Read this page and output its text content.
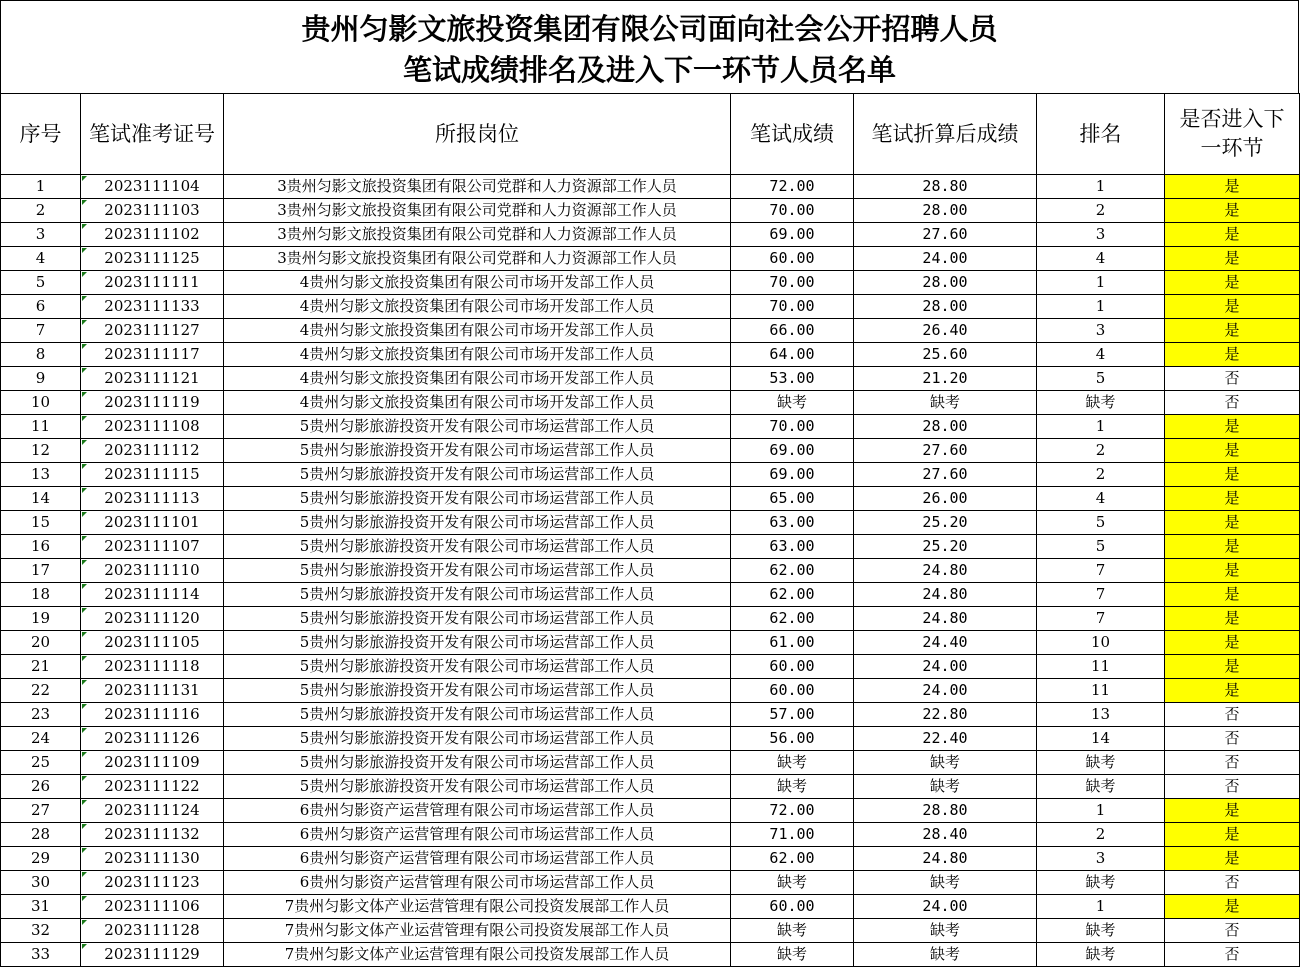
贵州匀影文旅投资集团有限公司面向社会公开招聘人员
笔试成绩排名及进入下一环节人员名单
序号	笔试准考证号	所报岗位	笔试成绩	笔试折算后成绩	排名	是否进入下
一环节

1	2023111104	3贵州匀影文旅投资集团有限公司党群和人力资源部工作人员	72.00	28.80	1	是
2	2023111103	3贵州匀影文旅投资集团有限公司党群和人力资源部工作人员	70.00	28.00	2	是
3	2023111102	3贵州匀影文旅投资集团有限公司党群和人力资源部工作人员	69.00	27.60	3	是
4	2023111125	3贵州匀影文旅投资集团有限公司党群和人力资源部工作人员	60.00	24.00	4	是
5	2023111111	4贵州匀影文旅投资集团有限公司市场开发部工作人员	70.00	28.00	1	是
6	2023111133	4贵州匀影文旅投资集团有限公司市场开发部工作人员	70.00	28.00	1	是
7	2023111127	4贵州匀影文旅投资集团有限公司市场开发部工作人员	66.00	26.40	3	是
8	2023111117	4贵州匀影文旅投资集团有限公司市场开发部工作人员	64.00	25.60	4	是
9	2023111121	4贵州匀影文旅投资集团有限公司市场开发部工作人员	53.00	21.20	5	否
10	2023111119	4贵州匀影文旅投资集团有限公司市场开发部工作人员	缺考	缺考	缺考	否
11	2023111108	5贵州匀影旅游投资开发有限公司市场运营部工作人员	70.00	28.00	1	是
12	2023111112	5贵州匀影旅游投资开发有限公司市场运营部工作人员	69.00	27.60	2	是
13	2023111115	5贵州匀影旅游投资开发有限公司市场运营部工作人员	69.00	27.60	2	是
14	2023111113	5贵州匀影旅游投资开发有限公司市场运营部工作人员	65.00	26.00	4	是
15	2023111101	5贵州匀影旅游投资开发有限公司市场运营部工作人员	63.00	25.20	5	是
16	2023111107	5贵州匀影旅游投资开发有限公司市场运营部工作人员	63.00	25.20	5	是
17	2023111110	5贵州匀影旅游投资开发有限公司市场运营部工作人员	62.00	24.80	7	是
18	2023111114	5贵州匀影旅游投资开发有限公司市场运营部工作人员	62.00	24.80	7	是
19	2023111120	5贵州匀影旅游投资开发有限公司市场运营部工作人员	62.00	24.80	7	是
20	2023111105	5贵州匀影旅游投资开发有限公司市场运营部工作人员	61.00	24.40	10	是
21	2023111118	5贵州匀影旅游投资开发有限公司市场运营部工作人员	60.00	24.00	11	是
22	2023111131	5贵州匀影旅游投资开发有限公司市场运营部工作人员	60.00	24.00	11	是
23	2023111116	5贵州匀影旅游投资开发有限公司市场运营部工作人员	57.00	22.80	13	否
24	2023111126	5贵州匀影旅游投资开发有限公司市场运营部工作人员	56.00	22.40	14	否
25	2023111109	5贵州匀影旅游投资开发有限公司市场运营部工作人员	缺考	缺考	缺考	否
26	2023111122	5贵州匀影旅游投资开发有限公司市场运营部工作人员	缺考	缺考	缺考	否
27	2023111124	6贵州匀影资产运营管理有限公司市场运营部工作人员	72.00	28.80	1	是
28	2023111132	6贵州匀影资产运营管理有限公司市场运营部工作人员	71.00	28.40	2	是
29	2023111130	6贵州匀影资产运营管理有限公司市场运营部工作人员	62.00	24.80	3	是
30	2023111123	6贵州匀影资产运营管理有限公司市场运营部工作人员	缺考	缺考	缺考	否
31	2023111106	7贵州匀影文体产业运营管理有限公司投资发展部工作人员	60.00	24.00	1	是
32	2023111128	7贵州匀影文体产业运营管理有限公司投资发展部工作人员	缺考	缺考	缺考	否
33	2023111129	7贵州匀影文体产业运营管理有限公司投资发展部工作人员	缺考	缺考	缺考	否
